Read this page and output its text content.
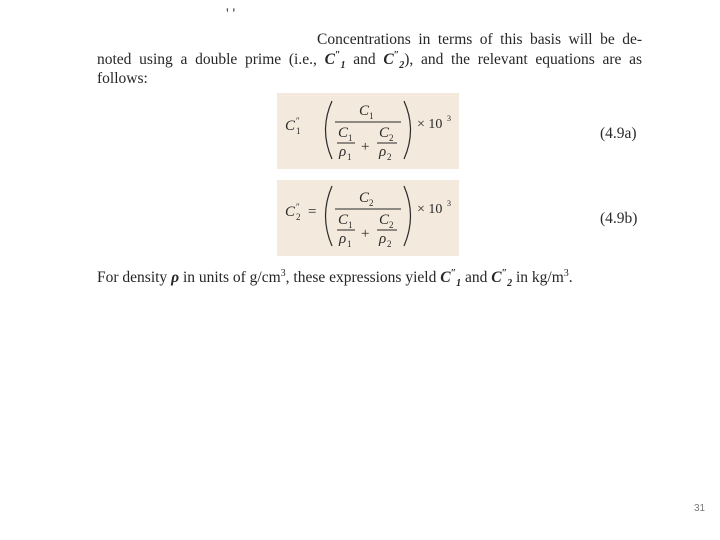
' '

Concentrations in terms of this basis will be de- noted using a double prime (i.e., $C''_1$ and $C''_2$), and the relevant equations are as follows:

C ″
1
C 1
C 1
ρ 1
+
C 2
ρ 2
× 10 3
(4.9a)
C ″
2 =
C 2
C 1
ρ 1
+
C 2
ρ 2
× 10 3
(4.9b)

For density ρ in units of $g/cm^3$, these expressions yield $C''_1$ and $C''_2$ in $kg/m^3$.

31
